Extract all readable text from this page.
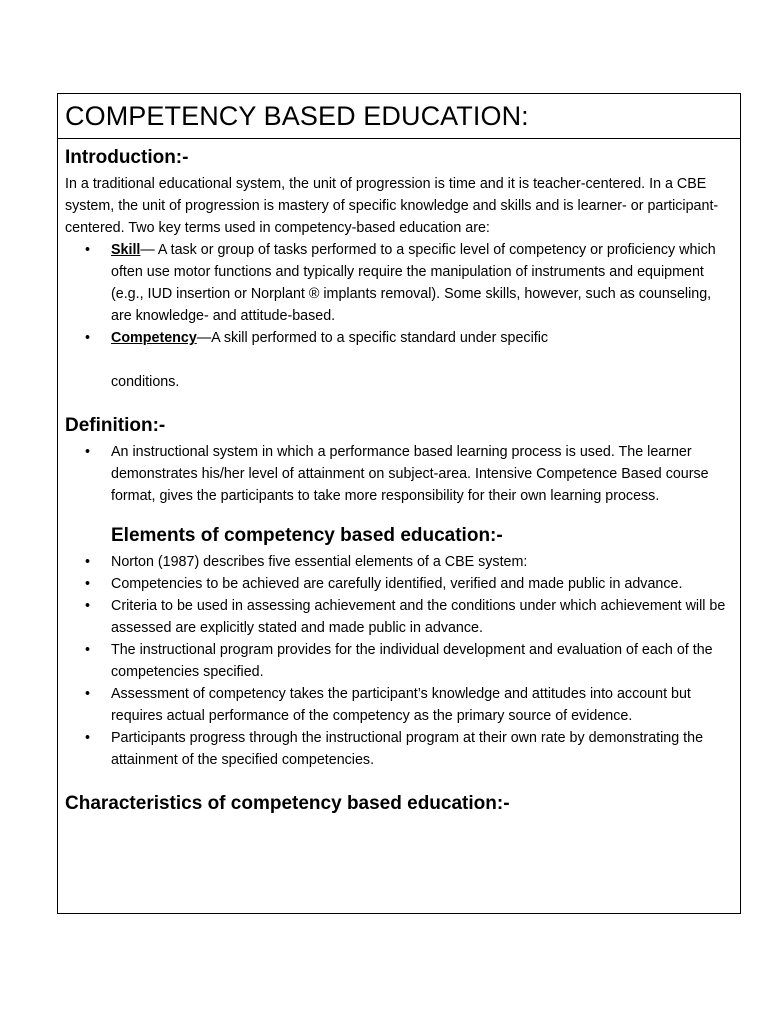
COMPETENCY BASED EDUCATION:
Introduction:-

In a traditional educational system, the unit of progression is time and it is teacher-centered. In a CBE system, the unit of progression is mastery of specific knowledge and skills and is learner- or participant-centered. Two key terms used in competency-based education are:

• Skill— A task or group of tasks performed to a specific level of competency or proficiency which often use motor functions and typically require the manipulation of instruments and equipment (e.g., IUD insertion or Norplant ® implants removal). Some skills, however, such as counseling, are knowledge- and attitude-based.
• Competency—A skill performed to a specific standard under specific
conditions.
Definition:-
• An instructional system in which a performance based learning process is used. The learner demonstrates his/her level of attainment on subject-area. Intensive Competence Based course format, gives the participants to take more responsibility for their own learning process.
Elements of competency based education:-
• Norton (1987) describes five essential elements of a CBE system:
• Competencies to be achieved are carefully identified, verified and made public in advance.
• Criteria to be used in assessing achievement and the conditions under which achievement will be assessed are explicitly stated and made public in advance.
• The instructional program provides for the individual development and evaluation of each of the competencies specified.
• Assessment of competency takes the participant’s knowledge and attitudes into account but requires actual performance of the competency as the primary source of evidence.
• Participants progress through the instructional program at their own rate by demonstrating the attainment of the specified competencies.
Characteristics of competency based education:-
